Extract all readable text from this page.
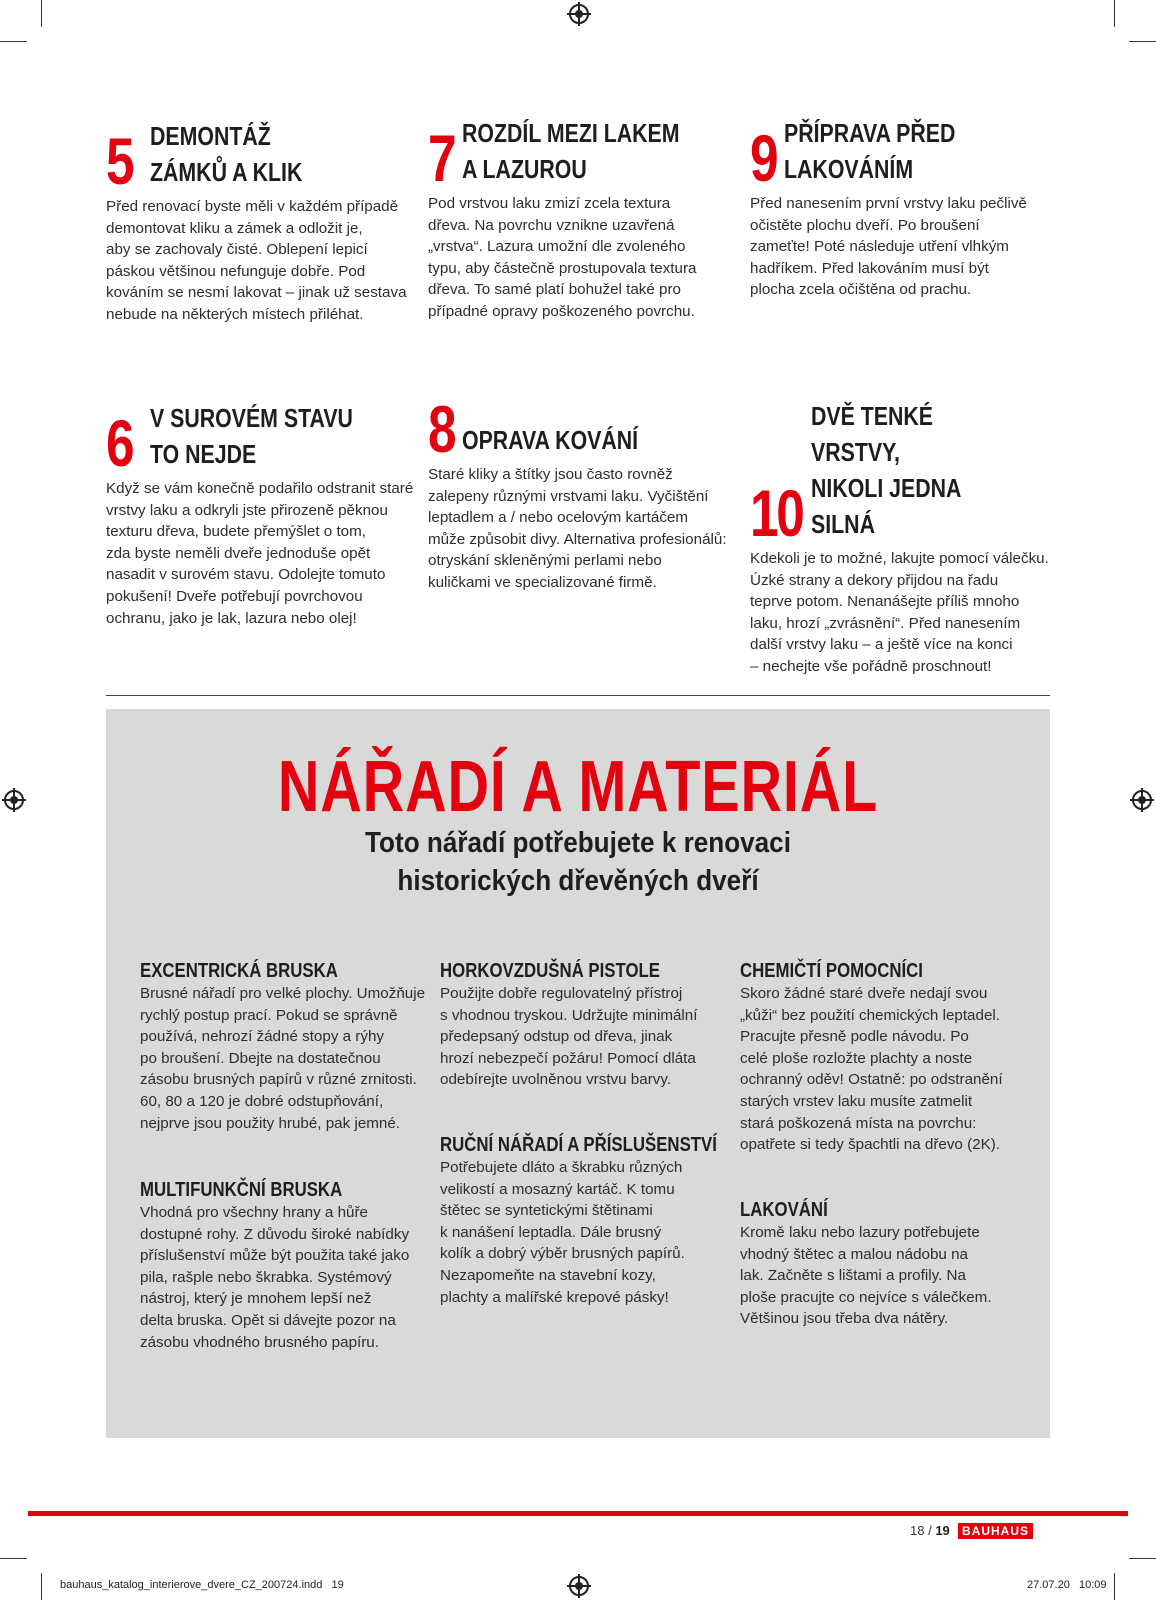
5 DEMONTÁŽ
ZÁMKŮ A KLIK
Před renovací byste měli v každém případě
demontovat kliku a zámek a odložit je,
aby se zachovaly čisté. Oblepení lepicí
páskou většinou nefunguje dobře. Pod
kováním se nesmí lakovat – jinak už sestava
nebude na některých místech přiléhat.
7 ROZDÍL MEZI LAKEM
A LAZUROU
Pod vrstvou laku zmizí zcela textura
dřeva. Na povrchu vznikne uzavřená
„vrstva“. Lazura umožní dle zvoleného
typu, aby částečně prostupovala textura
dřeva. To samé platí bohužel také pro
případné opravy poškozeného povrchu.
9 PŘÍPRAVA PŘED
LAKOVÁNÍM
Před nanesením první vrstvy laku pečlivě
očistěte plochu dveří. Po broušení
zameťte! Poté následuje utření vlhkým
hadříkem. Před lakováním musí být
plocha zcela očištěna od prachu.
6 V SUROVÉM STAVU
TO NEJDE
Když se vám konečně podařilo odstranit staré
vrstvy laku a odkryli jste přirozeně pěknou
texturu dřeva, budete přemýšlet o tom,
zda byste neměli dveře jednoduše opět
nasadit v surovém stavu. Odolejte tomuto
pokušení! Dveře potřebují povrchovou
ochranu, jako je lak, lazura nebo olej!
8 OPRAVA KOVÁNÍ
Staré kliky a štítky jsou často rovněž
zalepeny různými vrstvami laku. Vyčištění
leptadlem a / nebo ocelovým kartáčem
může způsobit divy. Alternativa profesionálů:
otryskání skleněnými perlami nebo
kuličkami ve specializované firmě.
10
DVĚ TENKÉ VRSTVY,
NIKOLI JEDNA SILNÁ
Kdekoli je to možné, lakujte pomocí válečku.
Úzké strany a dekory přijdou na řadu
teprve potom. Nenanášejte příliš mnoho
laku, hrozí „zvrásnění“. Před nanesením
další vrstvy laku – a ještě více na konci
– nechejte vše pořádně proschnout!
NÁŘADÍ A MATERIÁL
Toto nářadí potřebujete k renovaci
historických dřevěných dveří
EXCENTRICKÁ BRUSKA
Brusné nářadí pro velké plochy. Umožňuje
rychlý postup prací. Pokud se správně
používá, nehrozí žádné stopy a rýhy
po broušení. Dbejte na dostatečnou
zásobu brusných papírů v různé zrnitosti.
60, 80 a 120 je dobré odstupňování,
nejprve jsou použity hrubé, pak jemné.
MULTIFUNKČNÍ BRUSKA
Vhodná pro všechny hrany a hůře
dostupné rohy. Z důvodu široké nabídky
příslušenství může být použita také jako
pila, rašple nebo škrabka. Systémový
nástroj, který je mnohem lepší než
delta bruska. Opět si dávejte pozor na
zásobu vhodného brusného papíru.
HORKOVZDUŠNÁ PISTOLE
Použijte dobře regulovatelný přístroj
s vhodnou tryskou. Udržujte minimální
předepsaný odstup od dřeva, jinak
hrozí nebezpečí požáru! Pomocí dláta
odebírejte uvolněnou vrstvu barvy.
RUČNÍ NÁŘADÍ A PŘÍSLUŠENSTVÍ
Potřebujete dláto a škrabku různých
velikostí a mosazný kartáč. K tomu
štětec se syntetickými štětinami
k nanášení leptadla. Dále brusný
kolík a dobrý výběr brusných papírů.
Nezapomeňte na stavební kozy,
plachty a malířské krepové pásky!
CHEMIČTÍ POMOCNÍCI
Skoro žádné staré dveře nedají svou
„kůži“ bez použití chemických leptadel.
Pracujte přesně podle návodu. Po
celé ploše rozložte plachty a noste
ochranný oděv! Ostatně: po odstranění
starých vrstev laku musíte zatmelit
stará poškozená místa na povrchu:
opatřete si tedy špachtli na dřevo (2K).
LAKOVÁNÍ
Kromě laku nebo lazury potřebujete
vhodný štětec a malou nádobu na
lak. Začněte s lištami a profily. Na
ploše pracujte co nejvíce s válečkem.
Většinou jsou třeba dva nátěry.
18 / 19	BAUHAUS
bauhaus_katalog_interierove_dvere_CZ_200724.indd   19	27.07.20   10:09
